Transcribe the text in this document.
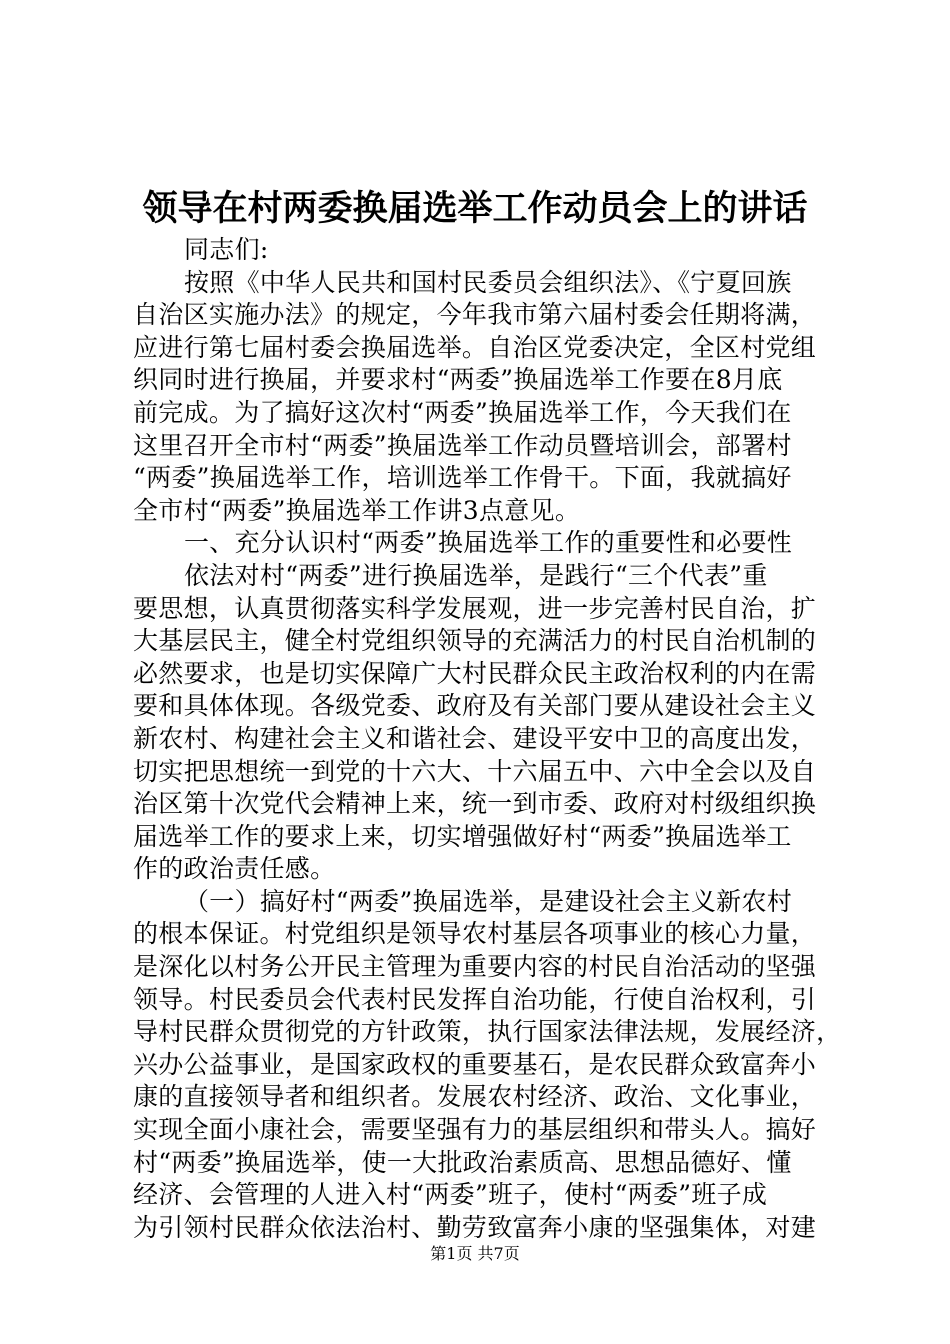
领导在村两委换届选举工作动员会上的讲话
同志们:
按照《中华人民共和国村民委员会组织法》、《宁夏回族
自治区实施办法》的规定，今年我市第六届村委会任期将满，
应进行第七届村委会换届选举。自治区党委决定，全区村党组
织同时进行换届，并要求村“两委”换届选举工作要在8月底
前完成。为了搞好这次村“两委”换届选举工作，今天我们在
这里召开全市村“两委”换届选举工作动员暨培训会，部署村
“两委”换届选举工作，培训选举工作骨干。下面，我就搞好
全市村“两委”换届选举工作讲3点意见。
一、充分认识村“两委”换届选举工作的重要性和必要性
依法对村“两委”进行换届选举，是践行“三个代表”重
要思想，认真贯彻落实科学发展观，进一步完善村民自治，扩
大基层民主，健全村党组织领导的充满活力的村民自治机制的
必然要求，也是切实保障广大村民群众民主政治权利的内在需
要和具体体现。各级党委、政府及有关部门要从建设社会主义
新农村、构建社会主义和谐社会、建设平安中卫的高度出发，
切实把思想统一到党的十六大、十六届五中、六中全会以及自
治区第十次党代会精神上来，统一到市委、政府对村级组织换
届选举工作的要求上来，切实增强做好村“两委”换届选举工
作的政治责任感。
（一）搞好村“两委”换届选举，是建设社会主义新农村
的根本保证。村党组织是领导农村基层各项事业的核心力量，
是深化以村务公开民主管理为重要内容的村民自治活动的坚强
领导。村民委员会代表村民发挥自治功能，行使自治权利，引
导村民群众贯彻党的方针政策，执行国家法律法规，发展经济，
兴办公益事业，是国家政权的重要基石，是农民群众致富奔小
康的直接领导者和组织者。发展农村经济、政治、文化事业，
实现全面小康社会，需要坚强有力的基层组织和带头人。搞好
村“两委”换届选举，使一大批政治素质高、思想品德好、懂
经济、会管理的人进入村“两委”班子，使村“两委”班子成
为引领村民群众依法治村、勤劳致富奔小康的坚强集体，对建
第1页 共7页
